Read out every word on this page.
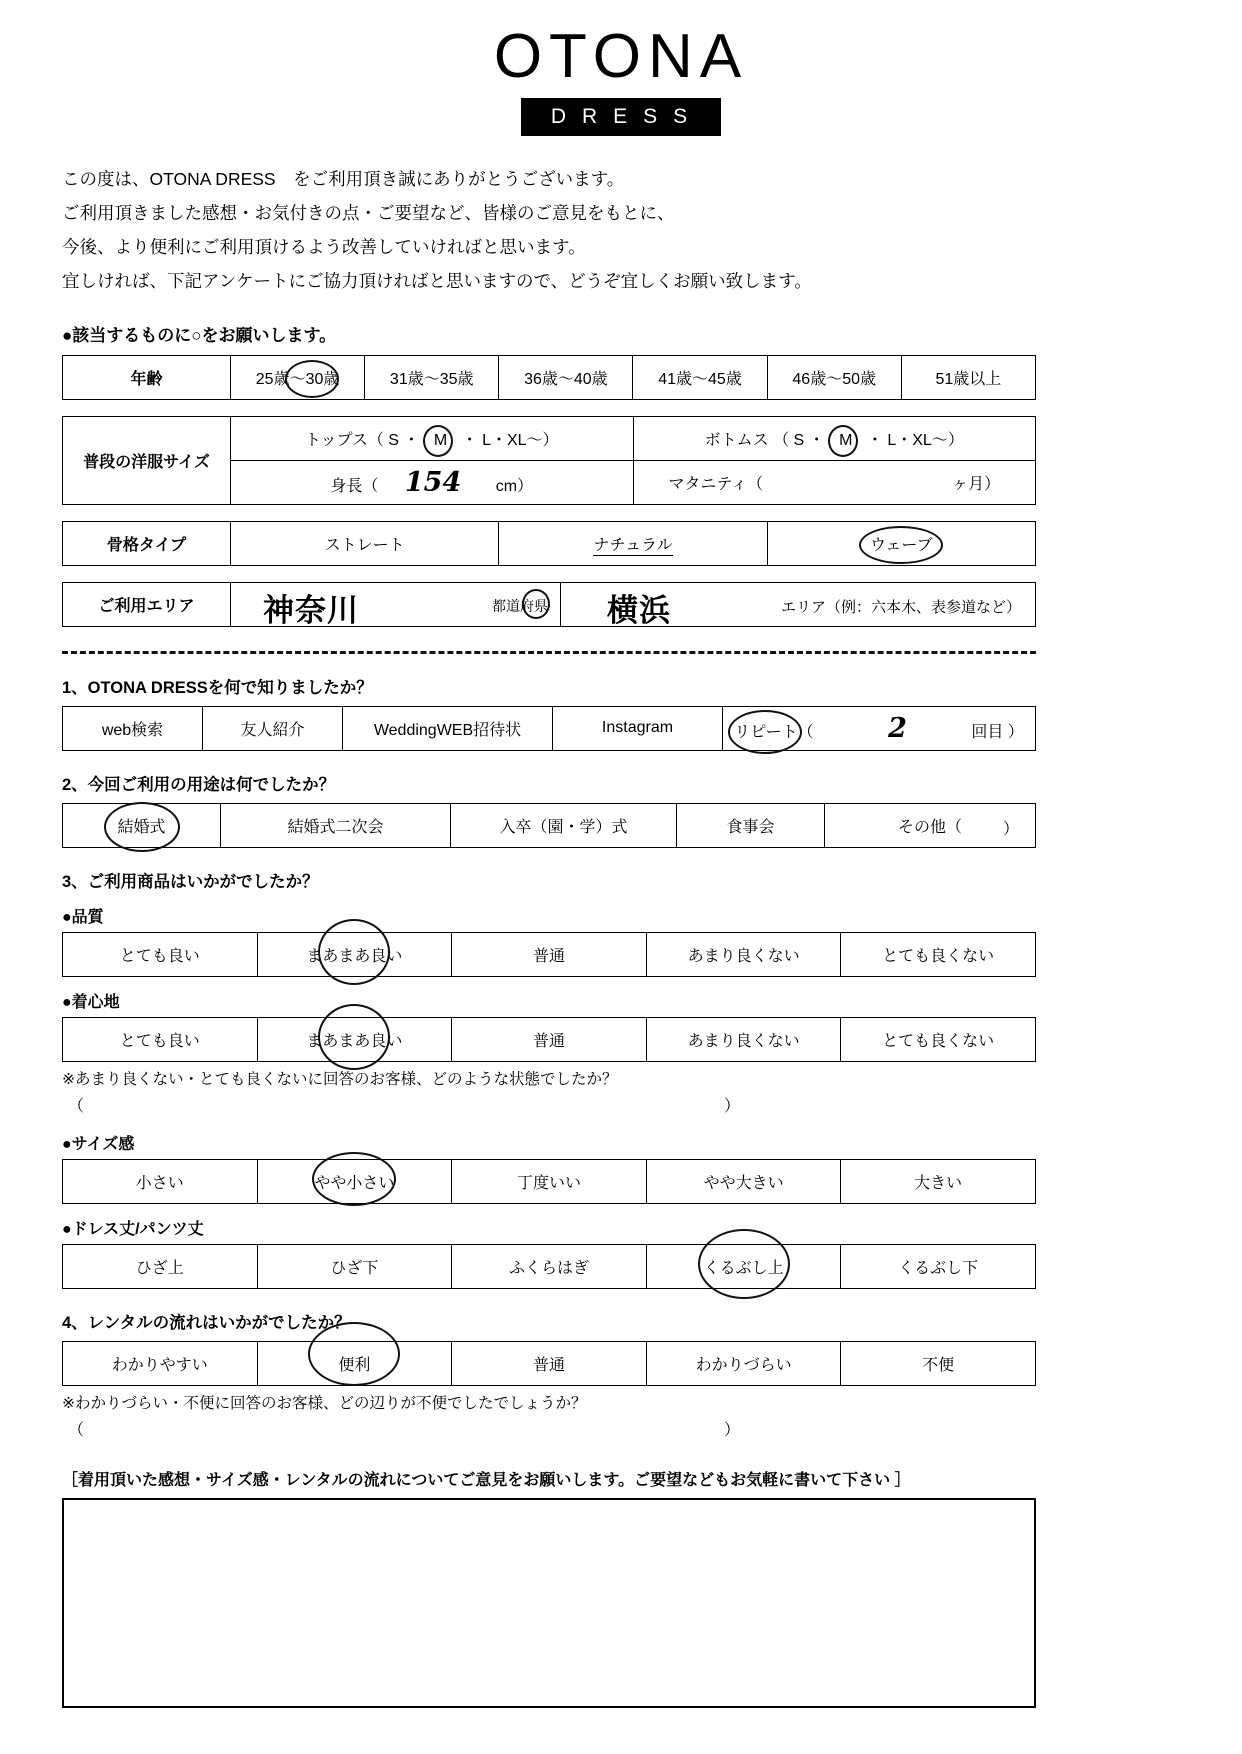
OTONA
DRESS
この度は、OTONA DRESS　をご利用頂き誠にありがとうございます。
ご利用頂きました感想・お気付きの点・ご要望など、皆様のご意見をもとに、
今後、より便利にご利用頂けるよう改善していければと思います。
宜しければ、下記アンケートにご協力頂ければと思いますので、どうぞ宜しくお願い致します。
●該当するものに○をお願いします。
年齢	25歳〜30歳	31歳〜35歳	36歳〜40歳	41歳〜45歳	46歳〜50歳	51歳以上
普段の洋服サイズ	トップス（ S ・ M ・ L・XL〜）	ボトムス （ S ・ M ・ L・XL〜）
	身長（ 154 cm）	マタニティ（ ヶ月）
骨格タイプ	ストレート	ナチュラル	ウェーブ
ご利用エリア	神奈川	都道府県	横浜	エリア（例：六本木、表参道など）
1、OTONA DRESSを何で知りましたか？
web検索	友人紹介	WeddingWEB招待状	Instagram	リピート（	2	回目 ）
2、今回ご利用の用途は何でしたか？
結婚式	結婚式二次会	入卒（園・学）式	食事会	その他（	）
3、ご利用商品はいかがでしたか？
●品質
とても良い	まあまあ良い	普通	あまり良くない	とても良くない
●着心地
とても良い	まあまあ良い	普通	あまり良くない	とても良くない
※あまり良くない・とても良くないに回答のお客様、どのような状態でしたか？
（	）
●サイズ感
小さい	やや小さい	丁度いい	やや大きい	大きい
●ドレス丈/パンツ丈
ひざ上	ひざ下	ふくらはぎ	くるぶし上	くるぶし下
4、レンタルの流れはいかがでしたか？
わかりやすい	便利	普通	わかりづらい	不便
※わかりづらい・不便に回答のお客様、どの辺りが不便でしたでしょうか？
（	）
［着用頂いた感想・サイズ感・レンタルの流れについてご意見をお願いします。ご要望などもお気軽に書いて下さい ］
